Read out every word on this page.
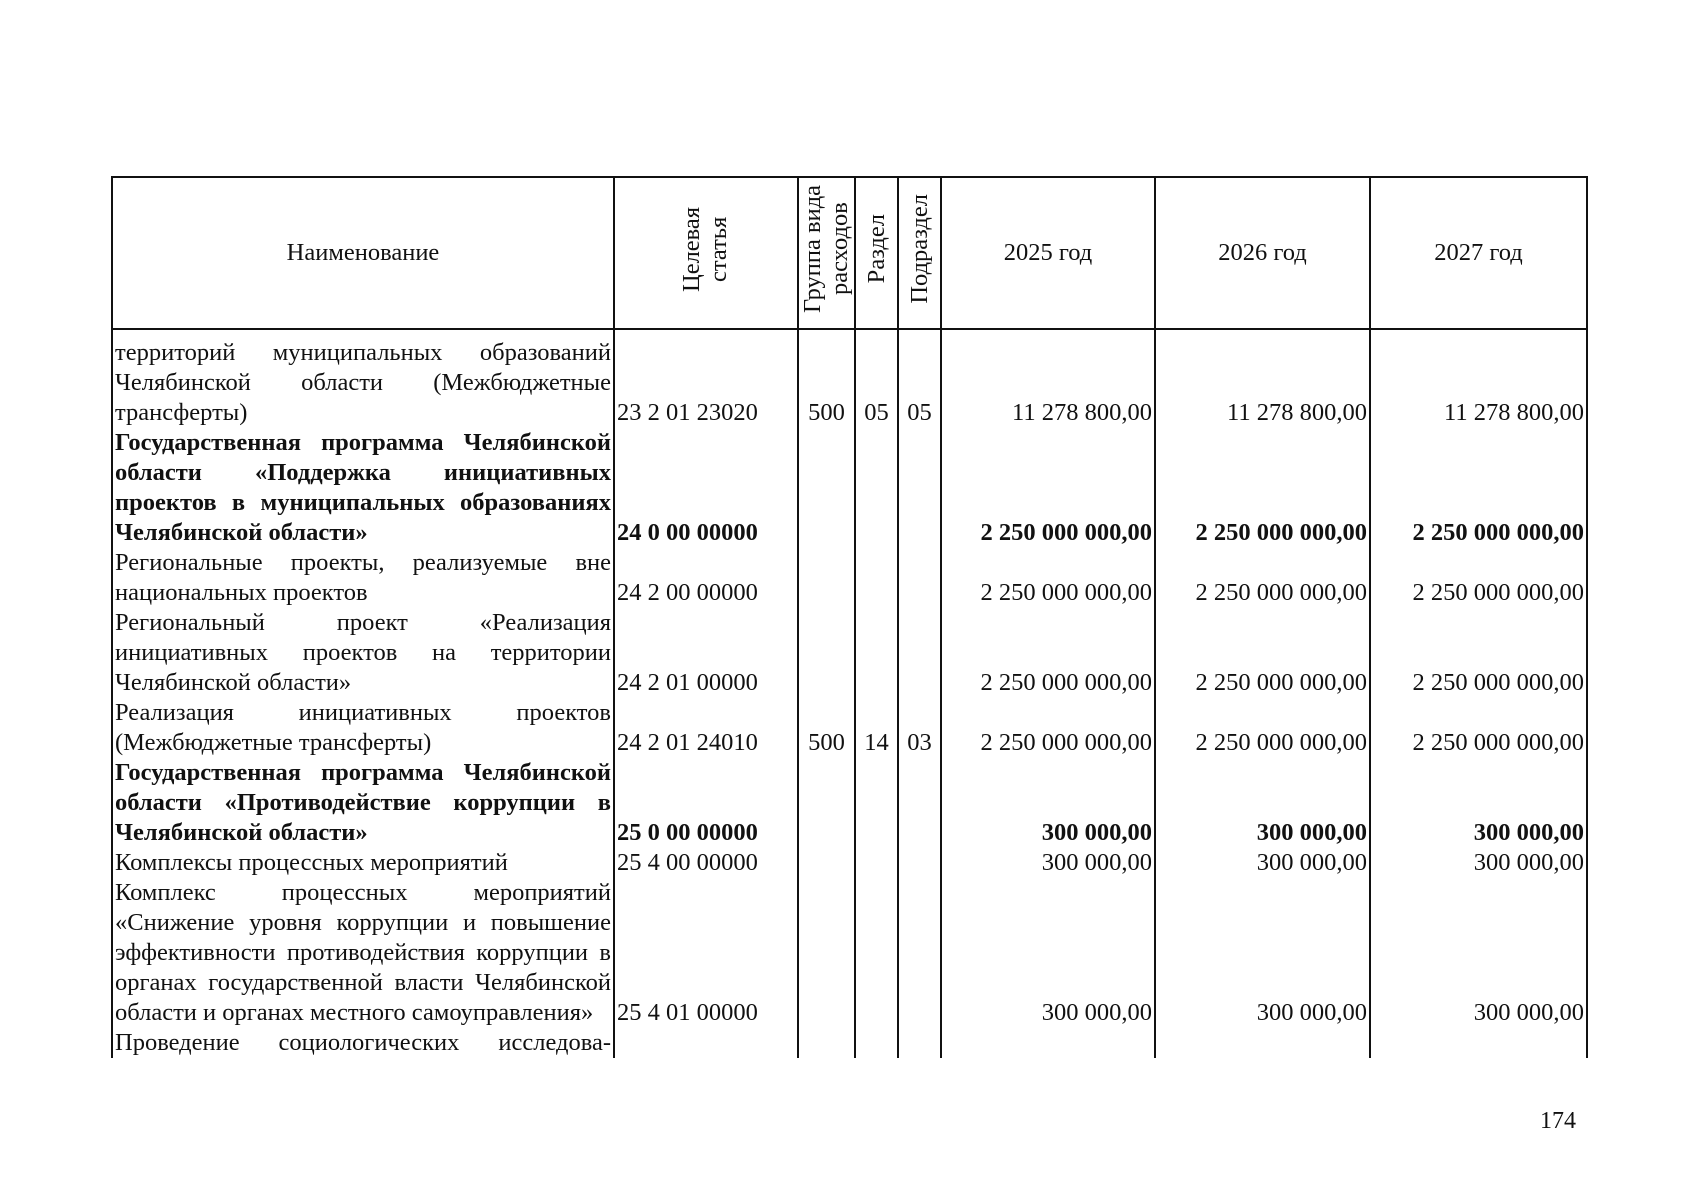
Наименование	Целевая статья	Группа вида расходов	Раздел	Подраздел	2025 год	2026 год	2027 год
территорий муниципальных образований Челябинской области (Межбюджетные трансферты)	23 2 01 23020	500	05	05	11 278 800,00	11 278 800,00	11 278 800,00
Государственная программа Челябинской области «Поддержка инициативных проектов в муниципальных образованиях Челябинской области»	24 0 00 00000				2 250 000 000,00	2 250 000 000,00	2 250 000 000,00
Региональные проекты, реализуемые вне национальных проектов	24 2 00 00000				2 250 000 000,00	2 250 000 000,00	2 250 000 000,00
Региональный проект «Реализация инициативных проектов на территории Челябинской области»	24 2 01 00000				2 250 000 000,00	2 250 000 000,00	2 250 000 000,00
Реализация инициативных проектов (Межбюджетные трансферты)	24 2 01 24010	500	14	03	2 250 000 000,00	2 250 000 000,00	2 250 000 000,00
Государственная программа Челябинской области «Противодействие коррупции в Челябинской области»	25 0 00 00000				300 000,00	300 000,00	300 000,00
Комплексы процессных мероприятий	25 4 00 00000				300 000,00	300 000,00	300 000,00
Комплекс процессных мероприятий «Снижение уровня коррупции и повышение эффективности противодействия коррупции в органах государственной власти Челябинской области и органах местного самоуправления»	25 4 01 00000				300 000,00	300 000,00	300 000,00
Проведение социологических исследова-							
174
